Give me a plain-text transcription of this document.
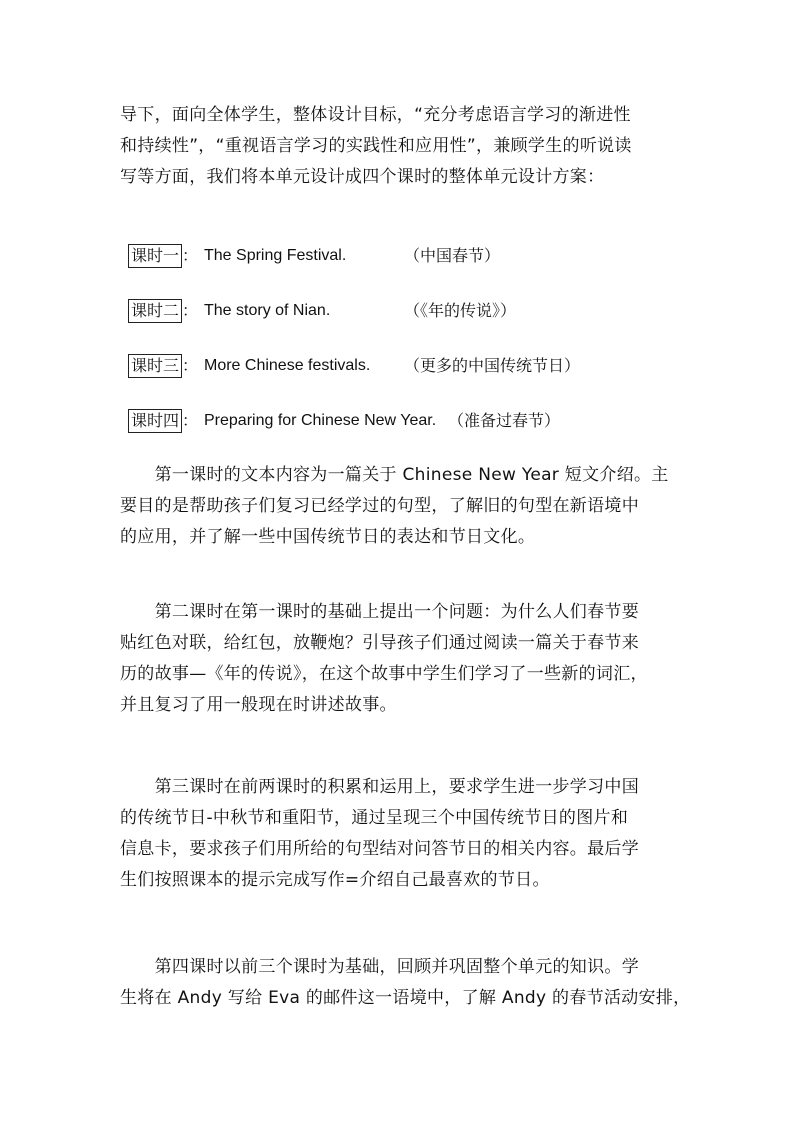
导下，面向全体学生，整体设计目标，“充分考虑语言学习的渐进性
和持续性”，“重视语言学习的实践性和应用性”，兼顾学生的听说读
写等方面，我们将本单元设计成四个课时的整体单元设计方案：
课时一 ： The Spring Festival.	（中国春节）
课时二 ： The story of Nian.	（《年的传说》）
课时三 ： More Chinese festivals. （更多的中国传统节日）
课时四 ： Preparing for Chinese New Year. （准备过春节）
　　第一课时的文本内容为一篇关于 Chinese New Year 短文介绍。主
要目的是帮助孩子们复习已经学过的句型，了解旧的句型在新语境中
的应用，并了解一些中国传统节日的表达和节日文化。
　　第二课时在第一课时的基础上提出一个问题：为什么人们春节要
贴红色对联，给红包，放鞭炮？引导孩子们通过阅读一篇关于春节来
历的故事—《年的传说》，在这个故事中学生们学习了一些新的词汇，
并且复习了用一般现在时讲述故事。
　　第三课时在前两课时的积累和运用上，要求学生进一步学习中国
的传统节日-中秋节和重阳节，通过呈现三个中国传统节日的图片和
信息卡，要求孩子们用所给的句型结对问答节日的相关内容。最后学
生们按照课本的提示完成写作=介绍自己最喜欢的节日。
　　第四课时以前三个课时为基础，回顾并巩固整个单元的知识。学
生将在 Andy 写给 Eva 的邮件这一语境中，了解 Andy 的春节活动安排，
